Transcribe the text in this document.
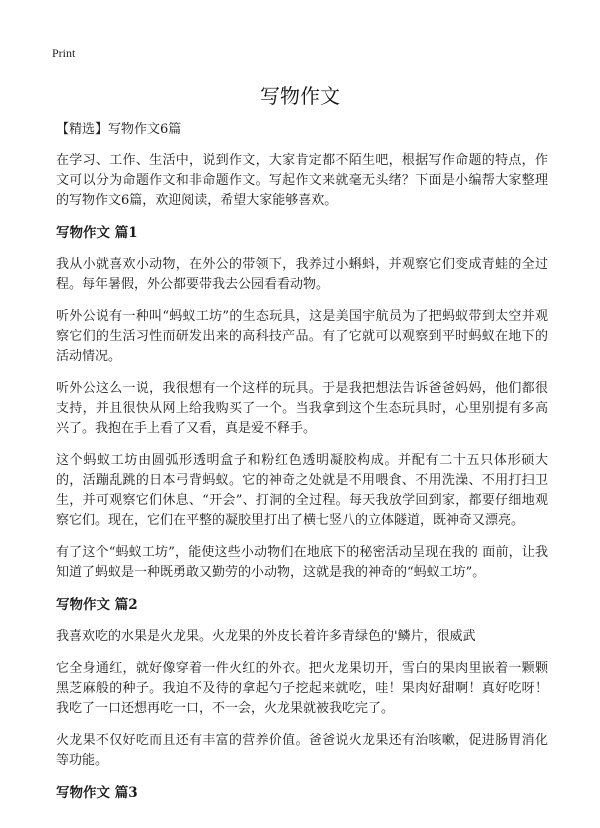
Print
写物作文

【精选】写物作文6篇

在学习、工作、生活中，说到作文，大家肯定都不陌生吧，根据写作命题的特点，作文可以分为命题作文和非命题作文。写起作文来就毫无头绪？下面是小编帮大家整理的写物作文6篇，欢迎阅读，希望大家能够喜欢。

写物作文 篇1

我从小就喜欢小动物，在外公的带领下，我养过小蝌蚪，并观察它们变成青蛙的全过程。每年暑假，外公都要带我去公园看看动物。

听外公说有一种叫“蚂蚁工坊”的生态玩具，这是美国宇航员为了把蚂蚁带到太空并观察它们的生活习性而研发出来的高科技产品。有了它就可以观察到平时蚂蚁在地下的活动情况。

听外公这么一说，我很想有一个这样的玩具。于是我把想法告诉爸爸妈妈，他们都很支持，并且很快从网上给我购买了一个。当我拿到这个生态玩具时，心里别提有多高兴了。我抱在手上看了又看，真是爱不释手。

这个蚂蚁工坊由圆弧形透明盒子和粉红色透明凝胶构成。并配有二十五只体形硕大的，活蹦乱跳的日本弓背蚂蚁。它的神奇之处就是不用喂食、不用洗澡、不用打扫卫生，并可观察它们休息、“开会”、打洞的全过程。每天我放学回到家，都要仔细地观察它们。现在，它们在平整的凝胶里打出了横七竖八的立体隧道，既神奇又漂亮。

有了这个“蚂蚁工坊”，能使这些小动物们在地底下的秘密活动呈现在我的 面前，让我知道了蚂蚁是一种既勇敢又勤劳的小动物，这就是我的神奇的“蚂蚁工坊”。

写物作文 篇2

我喜欢吃的水果是火龙果。火龙果的外皮长着许多青绿色的'鳞片，很威武

它全身通红，就好像穿着一件火红的外衣。把火龙果切开，雪白的果肉里嵌着一颗颗黑芝麻般的种子。我迫不及待的拿起勺子挖起来就吃，哇！果肉好甜啊！真好吃呀！我吃了一口还想再吃一口，不一会，火龙果就被我吃完了。

火龙果不仅好吃而且还有丰富的营养价值。爸爸说火龙果还有治咳嗽，促进肠胃消化等功能。

写物作文 篇3
